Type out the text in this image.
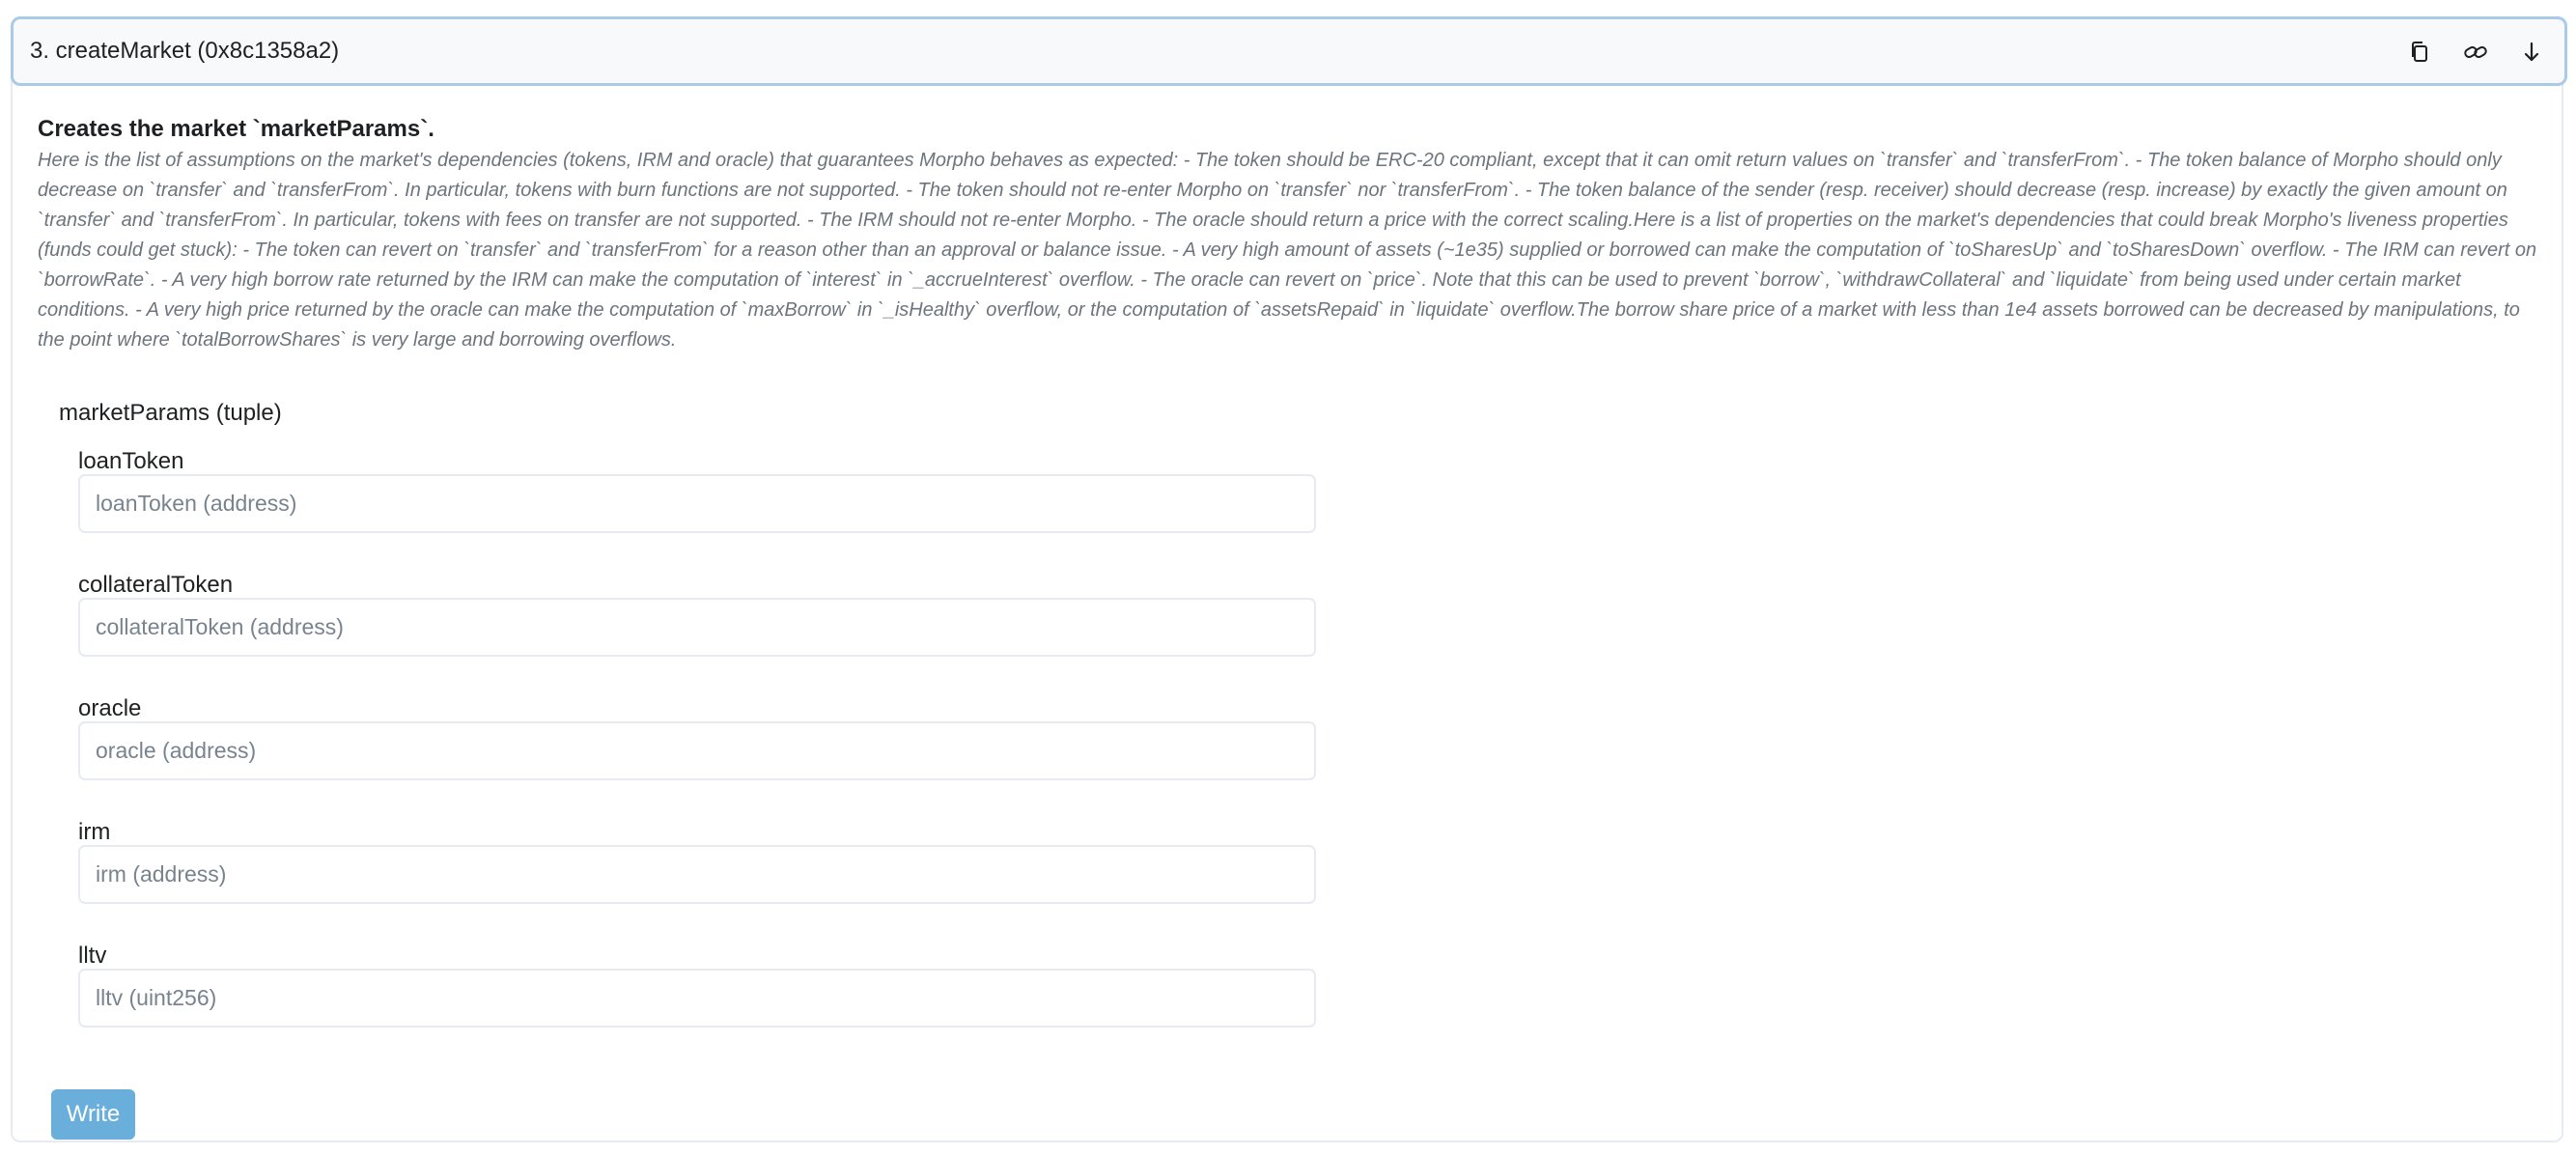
3. createMarket (0x8c1358a2)

Creates the market `marketParams`.

Here is the list of assumptions on the market's dependencies (tokens, IRM and oracle) that guarantees Morpho behaves as expected: - The token should be ERC-20 compliant, except that it can omit return values on `transfer` and `transferFrom`. - The token balance of Morpho should only decrease on `transfer` and `transferFrom`. In particular, tokens with burn functions are not supported. - The token should not re-enter Morpho on `transfer` nor `transferFrom`. - The token balance of the sender (resp. receiver) should decrease (resp. increase) by exactly the given amount on `transfer` and `transferFrom`. In particular, tokens with fees on transfer are not supported. - The IRM should not re-enter Morpho. - The oracle should return a price with the correct scaling.Here is a list of properties on the market's dependencies that could break Morpho's liveness properties (funds could get stuck): - The token can revert on `transfer` and `transferFrom` for a reason other than an approval or balance issue. - A very high amount of assets (~1e35) supplied or borrowed can make the computation of `toSharesUp` and `toSharesDown` overflow. - The IRM can revert on `borrowRate`. - A very high borrow rate returned by the IRM can make the computation of `interest` in `_accrueInterest` overflow. - The oracle can revert on `price`. Note that this can be used to prevent `borrow`, `withdrawCollateral` and `liquidate` from being used under certain market conditions. - A very high price returned by the oracle can make the computation of `maxBorrow` in `_isHealthy` overflow, or the computation of `assetsRepaid` in `liquidate` overflow.The borrow share price of a market with less than 1e4 assets borrowed can be decreased by manipulations, to the point where `totalBorrowShares` is very large and borrowing overflows.

marketParams (tuple)
loanToken
loanToken (address)
collateralToken
collateralToken (address)
oracle
oracle (address)
irm
irm (address)
lltv
lltv (uint256)
Write
